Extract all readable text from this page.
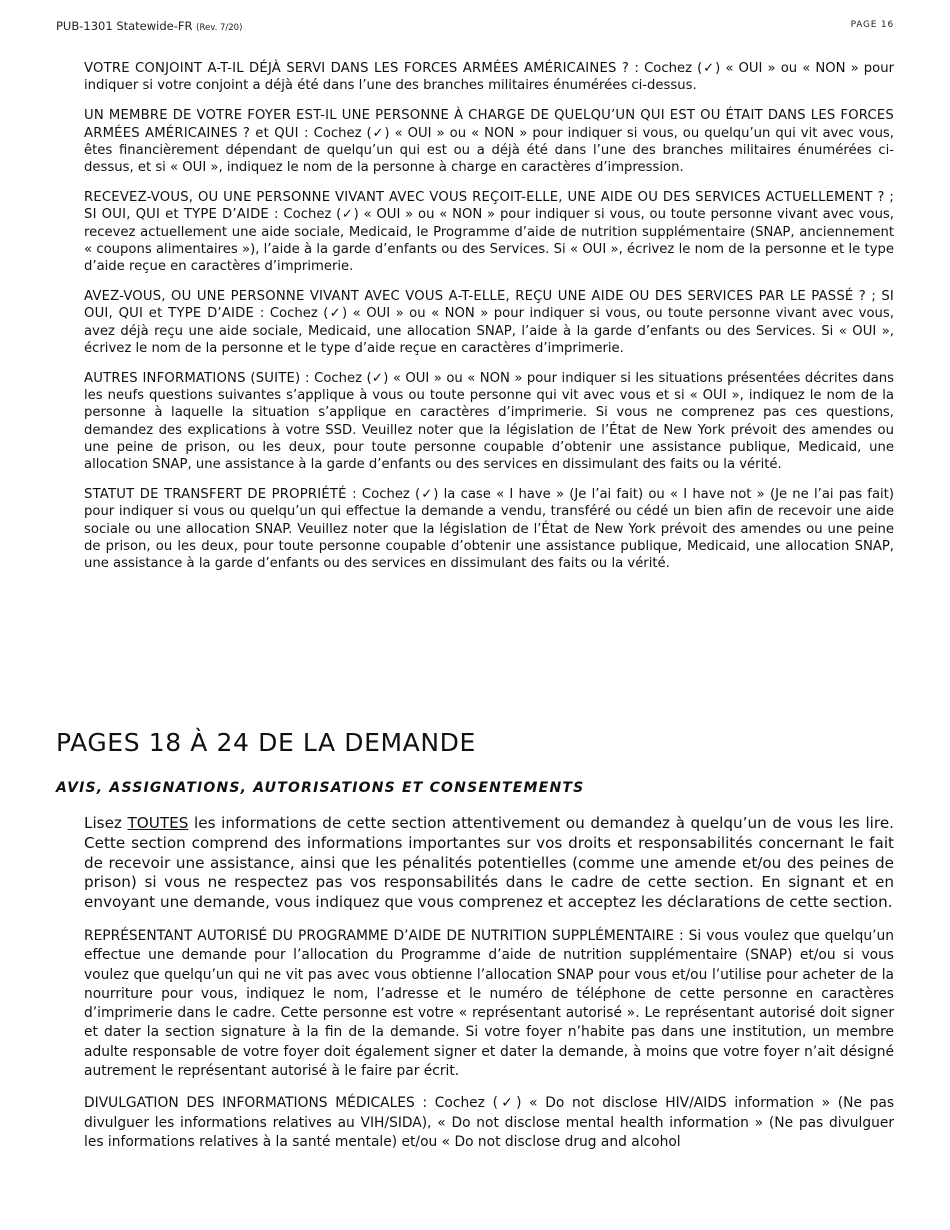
PUB-1301 Statewide-FR (Rev. 7/20)	PAGE 16

VOTRE CONJOINT A-T-IL DÉJÀ SERVI DANS LES FORCES ARMÉES AMÉRICAINES ? : Cochez (✓) « OUI » ou « NON » pour indiquer si votre conjoint a déjà été dans l’une des branches militaires énumérées ci-dessus.

UN MEMBRE DE VOTRE FOYER EST-IL UNE PERSONNE À CHARGE DE QUELQU’UN QUI EST OU ÉTAIT DANS LES FORCES ARMÉES AMÉRICAINES ? et QUI : Cochez (✓) « OUI » ou « NON » pour indiquer si vous, ou quelqu’un qui vit avec vous, êtes financièrement dépendant de quelqu’un qui est ou a déjà été dans l’une des branches militaires énumérées ci-dessus, et si « OUI », indiquez le nom de la personne à charge en caractères d’impression.

RECEVEZ-VOUS, OU UNE PERSONNE VIVANT AVEC VOUS REÇOIT-ELLE, UNE AIDE OU DES SERVICES ACTUELLEMENT ? ; SI OUI, QUI et TYPE D’AIDE : Cochez (✓) « OUI » ou « NON » pour indiquer si vous, ou toute personne vivant avec vous, recevez actuellement une aide sociale, Medicaid, le Programme d’aide de nutrition supplémentaire (SNAP, anciennement « coupons alimentaires »), l’aide à la garde d’enfants ou des Services. Si « OUI », écrivez le nom de la personne et le type d’aide reçue en caractères d’imprimerie.

AVEZ-VOUS, OU UNE PERSONNE VIVANT AVEC VOUS A-T-ELLE, REÇU UNE AIDE OU DES SERVICES PAR LE PASSÉ ? ; SI OUI, QUI et TYPE D’AIDE : Cochez (✓) « OUI » ou « NON » pour indiquer si vous, ou toute personne vivant avec vous, avez déjà reçu une aide sociale, Medicaid, une allocation SNAP, l’aide à la garde d’enfants ou des Services. Si « OUI », écrivez le nom de la personne et le type d’aide reçue en caractères d’imprimerie.

AUTRES INFORMATIONS (SUITE) : Cochez (✓) « OUI » ou « NON » pour indiquer si les situations présentées décrites dans les neufs questions suivantes s’applique à vous ou toute personne qui vit avec vous et si « OUI », indiquez le nom de la personne à laquelle la situation s’applique en caractères d’imprimerie. Si vous ne comprenez pas ces questions, demandez des explications à votre SSD. Veuillez noter que la législation de l’État de New York prévoit des amendes ou une peine de prison, ou les deux, pour toute personne coupable d’obtenir une assistance publique, Medicaid, une allocation SNAP, une assistance à la garde d’enfants ou des services en dissimulant des faits ou la vérité.

STATUT DE TRANSFERT DE PROPRIÉTÉ : Cochez (✓) la case « I have » (Je l’ai fait) ou « I have not » (Je ne l’ai pas fait) pour indiquer si vous ou quelqu’un qui effectue la demande a vendu, transféré ou cédé un bien afin de recevoir une aide sociale ou une allocation SNAP. Veuillez noter que la législation de l’État de New York prévoit des amendes ou une peine de prison, ou les deux, pour toute personne coupable d’obtenir une assistance publique, Medicaid, une allocation SNAP, une assistance à la garde d’enfants ou des services en dissimulant des faits ou la vérité.

PAGES 18 À 24 DE LA DEMANDE
AVIS, ASSIGNATIONS, AUTORISATIONS ET CONSENTEMENTS

Lisez TOUTES les informations de cette section attentivement ou demandez à quelqu’un de vous les lire. Cette section comprend des informations importantes sur vos droits et responsabilités concernant le fait de recevoir une assistance, ainsi que les pénalités potentielles (comme une amende et/ou des peines de prison) si vous ne respectez pas vos responsabilités dans le cadre de cette section. En signant et en envoyant une demande, vous indiquez que vous comprenez et acceptez les déclarations de cette section.

REPRÉSENTANT AUTORISÉ DU PROGRAMME D’AIDE DE NUTRITION SUPPLÉMENTAIRE : Si vous voulez que quelqu’un effectue une demande pour l’allocation du Programme d’aide de nutrition supplémentaire (SNAP) et/ou si vous voulez que quelqu’un qui ne vit pas avec vous obtienne l’allocation SNAP pour vous et/ou l’utilise pour acheter de la nourriture pour vous, indiquez le nom, l’adresse et le numéro de téléphone de cette personne en caractères d’imprimerie dans le cadre. Cette personne est votre « représentant autorisé ». Le représentant autorisé doit signer et dater la section signature à la fin de la demande. Si votre foyer n’habite pas dans une institution, un membre adulte responsable de votre foyer doit également signer et dater la demande, à moins que votre foyer n’ait désigné autrement le représentant autorisé à le faire par écrit.

DIVULGATION DES INFORMATIONS MÉDICALES : Cochez (✓) « Do not disclose HIV/AIDS information » (Ne pas divulguer les informations relatives au VIH/SIDA), « Do not disclose mental health information » (Ne pas divulguer les informations relatives à la santé mentale) et/ou « Do not disclose drug and alcohol
